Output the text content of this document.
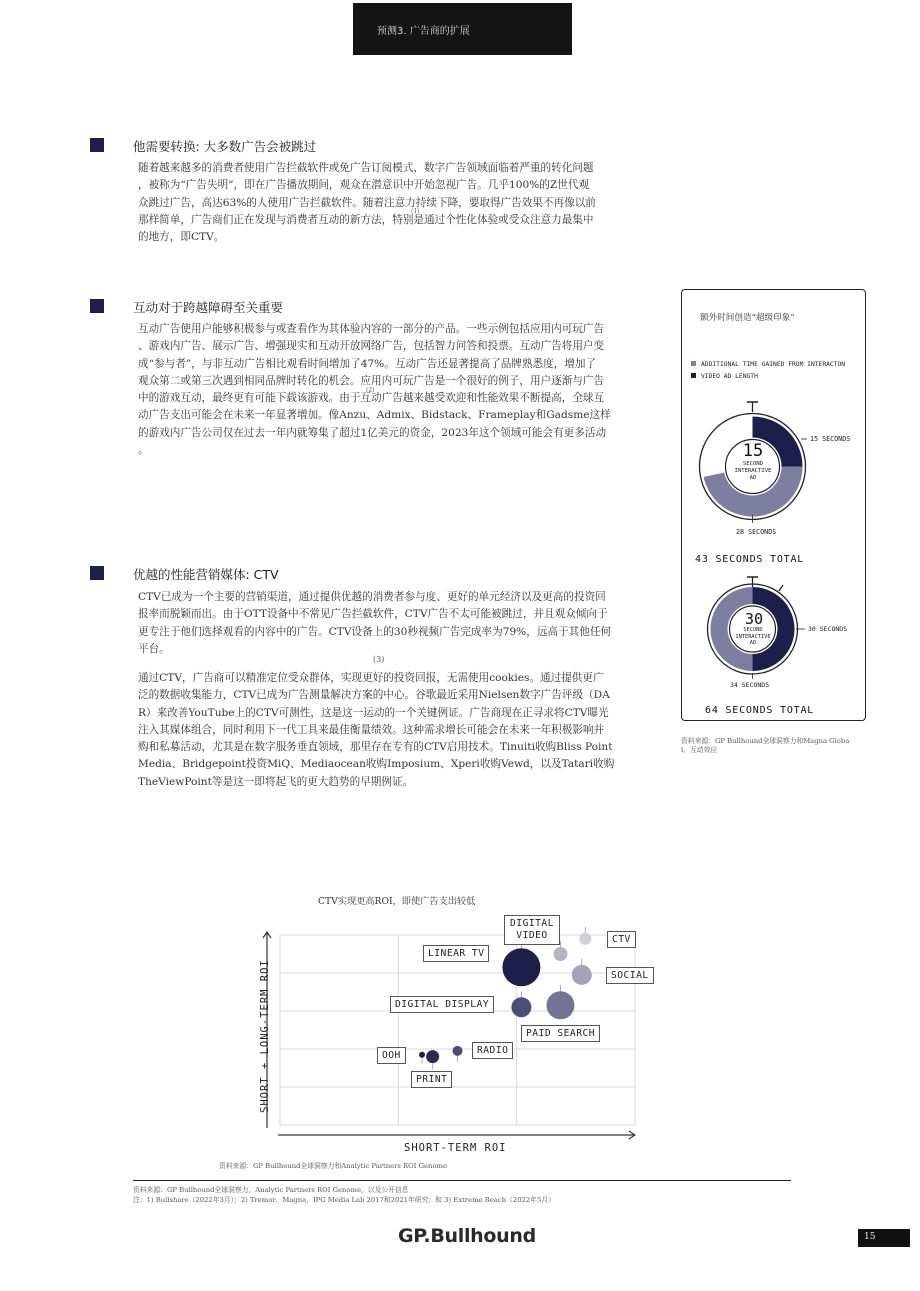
预测3. 广告商的扩展
他需要转换: 大多数广告会被跳过

随着越来越多的消费者使用广告拦截软件或免广告订阅模式，数字广告领域面临着严重的转化问题

，被称为“广告失明”，即在广告播放期间，观众在潜意识中开始忽视广告。几乎100%的Z世代观

众跳过广告，高达63%的人使用广告拦截软件。随着注意力持续下降，要取得广告效果不再像以前

那样简单，广告商们正在发现与消费者互动的新方法，特别是通过个性化体验或受众注意力最集中

的地方，即CTV。

(1)
互动对于跨越障碍至关重要

互动广告使用户能够积极参与或查看作为其体验内容的一部分的产品。一些示例包括应用内可玩广告

、游戏内广告、展示广告、增强现实和互动开放网络广告，包括智力问答和投票。互动广告将用户变

成“参与者”，与非互动广告相比观看时间增加了47%。互动广告还显著提高了品牌熟悉度，增加了

观众第二或第三次遇到相同品牌时转化的机会。应用内可玩广告是一个很好的例子，用户逐渐与广告

中的游戏互动，最终更有可能下载该游戏。由于互动广告越来越受欢迎和性能效果不断提高，全球互

动广告支出可能会在未来一年显著增加。像Anzu、Admix、Bidstack、Frameplay和Gadsme这样

的游戏内广告公司仅在过去一年内就筹集了超过1亿美元的资金，2023年这个领域可能会有更多活动

。

(2)
优越的性能营销媒体: CTV

CTV已成为一个主要的营销渠道，通过提供优越的消费者参与度、更好的单元经济以及更高的投资回

报率而脱颖而出。由于OTT设备中不常见广告拦截软件，CTV广告不太可能被跳过，并且观众倾向于

更专注于他们选择观看的内容中的广告。CTV设备上的30秒视频广告完成率为79%，远高于其他任何

平台。

(3)

通过CTV，广告商可以精准定位受众群体，实现更好的投资回报，无需使用cookies。通过提供更广

泛的数据收集能力，CTV已成为广告测量解决方案的中心。谷歌最近采用Nielsen数字广告评级（DA

R）来改善YouTube上的CTV可测性，这是这一运动的一个关键例证。广告商现在正寻求将CTV曝光

注入其媒体组合，同时利用下一代工具来最佳衡量绩效。这种需求增长可能会在未来一年积极影响并

购和私募活动，尤其是在数字服务垂直领域，那里存在专有的CTV启用技术。Tinuiti收购Bliss Point

Media、Bridgepoint投资MiQ、Mediaocean收购Imposium、Xperi收购Vewd，以及Tatari收购

TheViewPoint等是这一即将起飞的更大趋势的早期例证。

额外时间创造“超级印象”
ADDITIONAL TIME GAINED FROM INTERACTON
VIDEO AD LENGTH
15
SECOND
INTERACTIVE
AD
15 SECONDS
28 SECONDS
43 SECONDS TOTAL
30
SECOND
INTERACTIVE
AD
30 SECONDS
34 SECONDS
64 SECONDS TOTAL
资料来源：GP Bullhound全球洞察力和Magna Globa
l、互动效应
CTV实现更高ROI，即使广告支出较低
SHORT-TERM ROI
SHORT + LONG-TERM ROI
DIGITAL VIDEO	CTV
LINEAR TV
SOCIAL
DIGITAL DISPLAY
PAID SEARCH
RADIO
OOH
PRINT
资料来源：GP Bullhound全球洞察力和Analytic Partners ROI Genome
资料来源：GP Bullhound全球洞察力，Analytic Partners ROI Genome，以及公开信息
注：1) Bullshare（2022年3月）；2) Tremor、Magna，IPG Media Lab 2017和2021年研究；和 3) Extreme Reach（2022年5月）
GP.Bullhound	15
